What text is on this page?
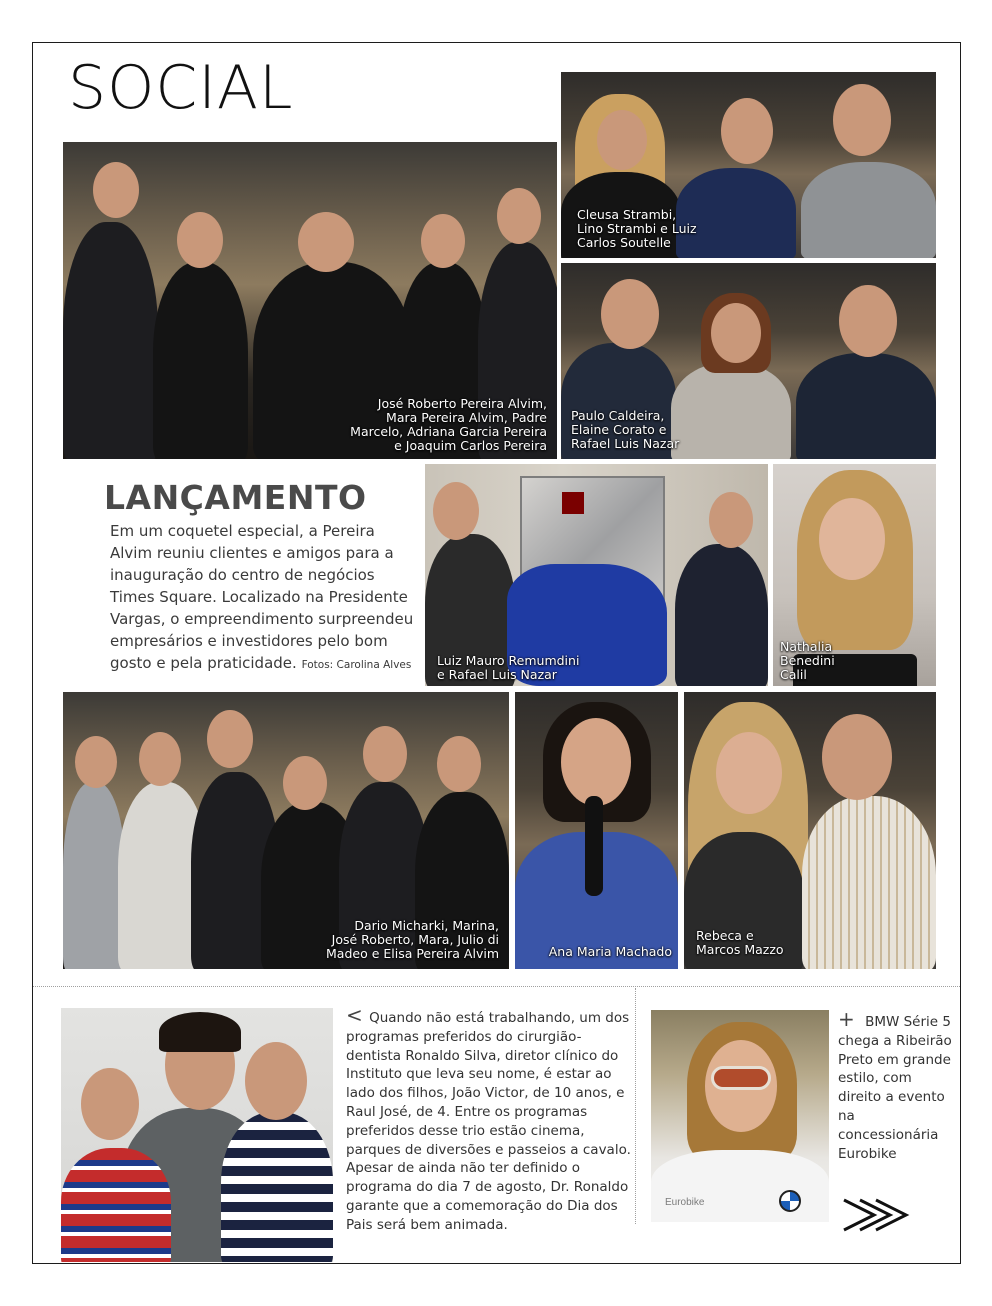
SOCIAL
José Roberto Pereira Alvim,
Mara Pereira Alvim, Padre
Marcelo, Adriana Garcia Pereira
e Joaquim Carlos Pereira
Cleusa Strambi,
Lino Strambi e Luiz
Carlos Soutelle
Paulo Caldeira,
Elaine Corato e
Rafael Luis Nazar
LANÇAMENTO
Em um coquetel especial, a Pereira Alvim reuniu clientes e amigos para a inauguração do centro de negócios Times Square. Localizado na Presidente Vargas, o empreendimento surpreendeu empresários e investidores pelo bom gosto e pela praticidade. Fotos: Carolina Alves Luiz Mauro Remumdini
e Rafael Luis Nazar
Nathalia
Benedini
Calil
Dario Micharki, Marina,
José Roberto, Mara, Julio di
Madeo e Elisa Pereira Alvim	Ana Maria Machado
Rebeca e
Marcos Mazzo
< Quando não está trabalhando, um dos programas preferidos do cirurgião-dentista Ronaldo Silva, diretor clínico do Instituto que leva seu nome, é estar ao lado dos filhos, João Victor, de 10 anos, e Raul José, de 4. Entre os programas preferidos desse trio estão cinema, parques de diversões e passeios a cavalo. Apesar de ainda não ter definido o programa do dia 7 de agosto, Dr. Ronaldo garante que a comemoração do Dia dos Pais será bem animada.
Eurobike
+ BMW Série 5 chega a Ribeirão Preto em grande estilo, com direito a evento na concessionária Eurobike
